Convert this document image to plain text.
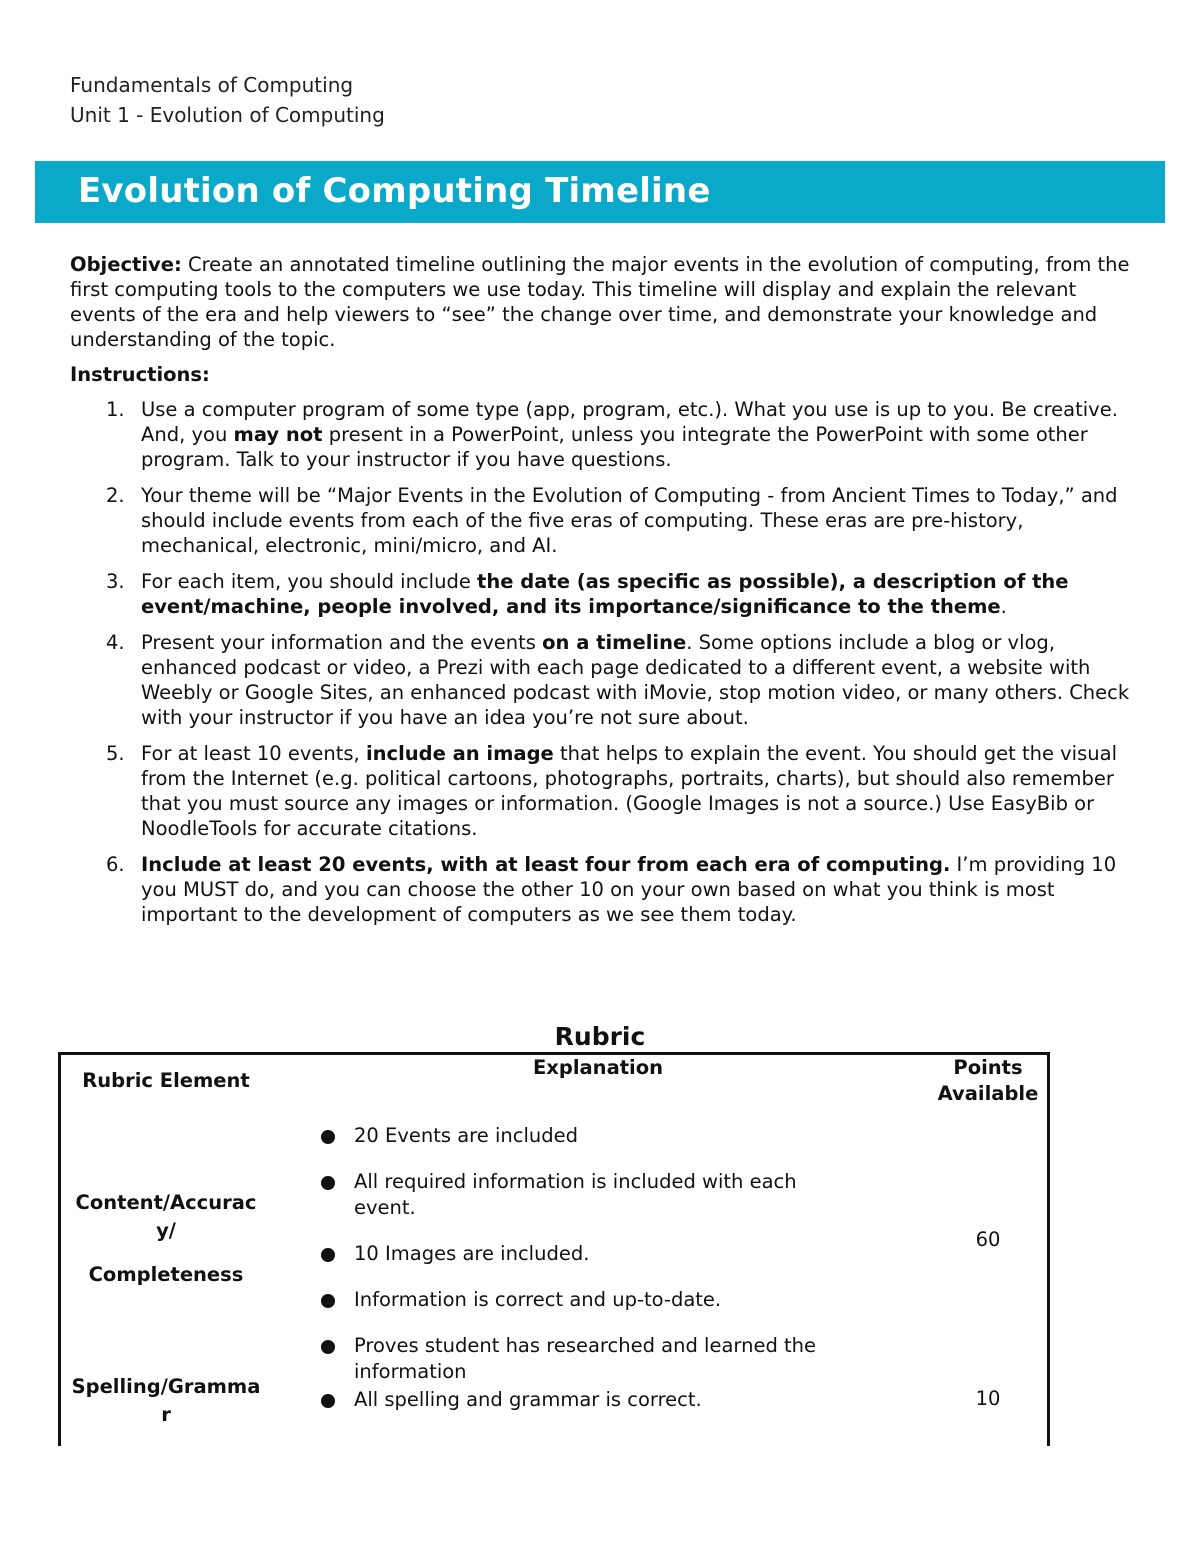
Fundamentals of Computing
Unit 1 - Evolution of Computing
Evolution of Computing Timeline

Objective: Create an annotated timeline outlining the major events in the evolution of computing, from the first computing tools to the computers we use today. This timeline will display and explain the relevant events of the era and help viewers to “see” the change over time, and demonstrate your knowledge and understanding of the topic.

Instructions:
1. Use a computer program of some type (app, program, etc.). What you use is up to you. Be creative. And, you may not present in a PowerPoint, unless you integrate the PowerPoint with some other program. Talk to your instructor if you have questions.
2. Your theme will be “Major Events in the Evolution of Computing - from Ancient Times to Today,” and should include events from each of the five eras of computing. These eras are pre-history, mechanical, electronic, mini/micro, and AI.
3. For each item, you should include the date (as specific as possible), a description of the event/machine, people involved, and its importance/significance to the theme.
4. Present your information and the events on a timeline. Some options include a blog or vlog, enhanced podcast or video, a Prezi with each page dedicated to a different event, a website with Weebly or Google Sites, an enhanced podcast with iMovie, stop motion video, or many others. Check with your instructor if you have an idea you’re not sure about.
5. For at least 10 events, include an image that helps to explain the event. You should get the visual from the Internet (e.g. political cartoons, photographs, portraits, charts), but should also remember that you must source any images or information. (Google Images is not a source.) Use EasyBib or NoodleTools for accurate citations.
6. Include at least 20 events, with at least four from each era of computing. I’m providing 10 you MUST do, and you can choose the other 10 on your own based on what you think is most important to the development of computers as we see them today.
Rubric
Rubric Element
Explanation	Points
Available
Content/Accurac
y/
Completeness
20 Events are included
All required information is included with each event.
10 Images are included.
Information is correct and up-to-date.
Proves student has researched and learned the information
60
Spelling/Gramma
r
All spelling and grammar is correct.	10
